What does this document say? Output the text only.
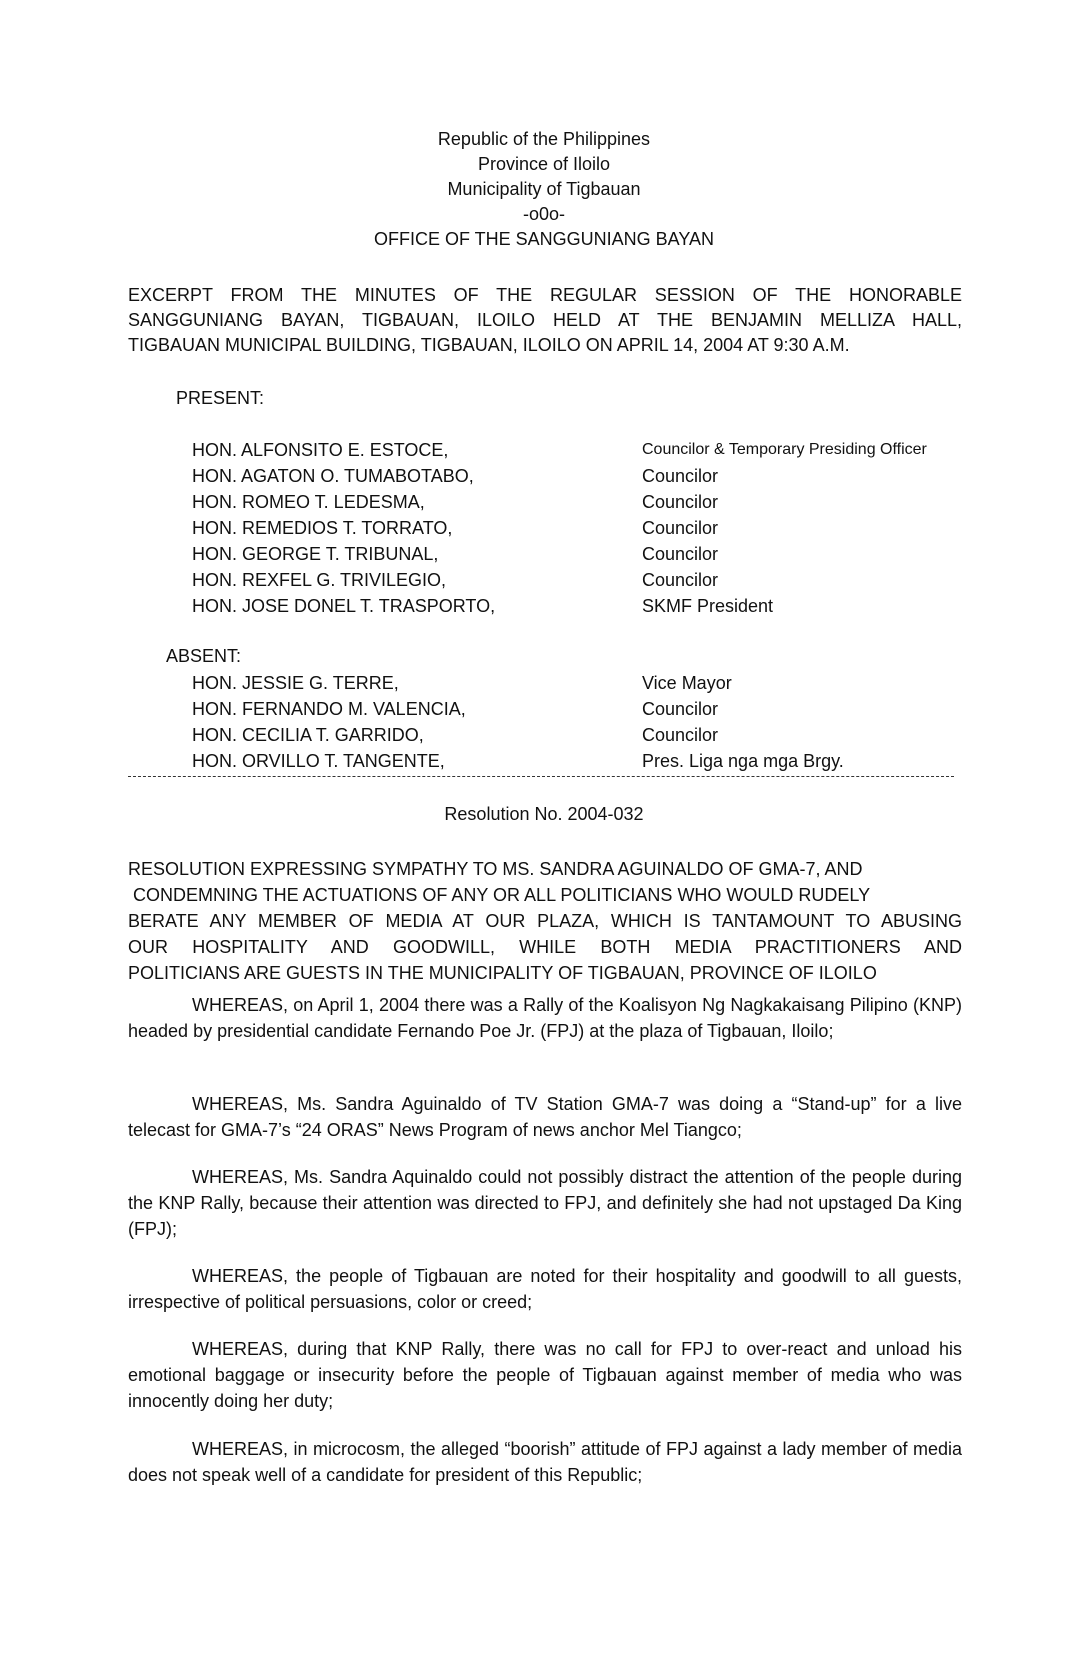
Republic of the Philippines
Province of Iloilo
Municipality of Tigbauan
-o0o-
OFFICE OF THE SANGGUNIANG BAYAN
EXCERPT FROM THE MINUTES OF THE REGULAR SESSION OF THE HONORABLE
SANGGUNIANG BAYAN, TIGBAUAN, ILOILO HELD AT THE BENJAMIN MELLIZA HALL,
TIGBAUAN MUNICIPAL BUILDING, TIGBAUAN, ILOILO ON APRIL 14, 2004 AT 9:30 A.M.
PRESENT:
HON. ALFONSITO E. ESTOCE,	Councilor & Temporary Presiding Officer
HON. AGATON O. TUMABOTABO,	Councilor
HON. ROMEO T. LEDESMA,	Councilor
HON. REMEDIOS T. TORRATO,	Councilor
HON. GEORGE T. TRIBUNAL,	Councilor
HON. REXFEL G. TRIVILEGIO,	Councilor
HON. JOSE DONEL T. TRASPORTO,	SKMF President
ABSENT:
HON. JESSIE G. TERRE,	Vice Mayor
HON. FERNANDO M. VALENCIA,	Councilor
HON. CECILIA T. GARRIDO,	Councilor
HON. ORVILLO T. TANGENTE,	Pres. Liga nga mga Brgy.
Resolution No. 2004-032
RESOLUTION EXPRESSING SYMPATHY TO MS. SANDRA AGUINALDO OF GMA-7, AND
CONDEMNING THE ACTUATIONS OF ANY OR ALL POLITICIANS WHO WOULD RUDELY
BERATE ANY MEMBER OF MEDIA AT OUR PLAZA, WHICH IS TANTAMOUNT TO ABUSING
OUR HOSPITALITY AND GOODWILL, WHILE BOTH MEDIA PRACTITIONERS AND
POLITICIANS ARE GUESTS IN THE MUNICIPALITY OF TIGBAUAN, PROVINCE OF ILOILO

WHEREAS, on April 1, 2004 there was a Rally of the Koalisyon Ng Nagkakaisang Pilipino (KNP) headed by presidential candidate Fernando Poe Jr. (FPJ) at the plaza of Tigbauan, Iloilo;

WHEREAS, Ms. Sandra Aguinaldo of TV Station GMA-7 was doing a “Stand-up” for a live telecast for GMA-7’s “24 ORAS” News Program of news anchor Mel Tiangco;

WHEREAS, Ms. Sandra Aquinaldo could not possibly distract the attention of the people during the KNP Rally, because their attention was directed to FPJ, and definitely she had not upstaged Da King (FPJ);

WHEREAS, the people of Tigbauan are noted for their hospitality and goodwill to all guests, irrespective of political persuasions, color or creed;

WHEREAS, during that KNP Rally, there was no call for FPJ to over-react and unload his emotional baggage or insecurity before the people of Tigbauan against member of media who was innocently doing her duty;

WHEREAS, in microcosm, the alleged “boorish” attitude of FPJ against a lady member of media does not speak well of a candidate for president of this Republic;
